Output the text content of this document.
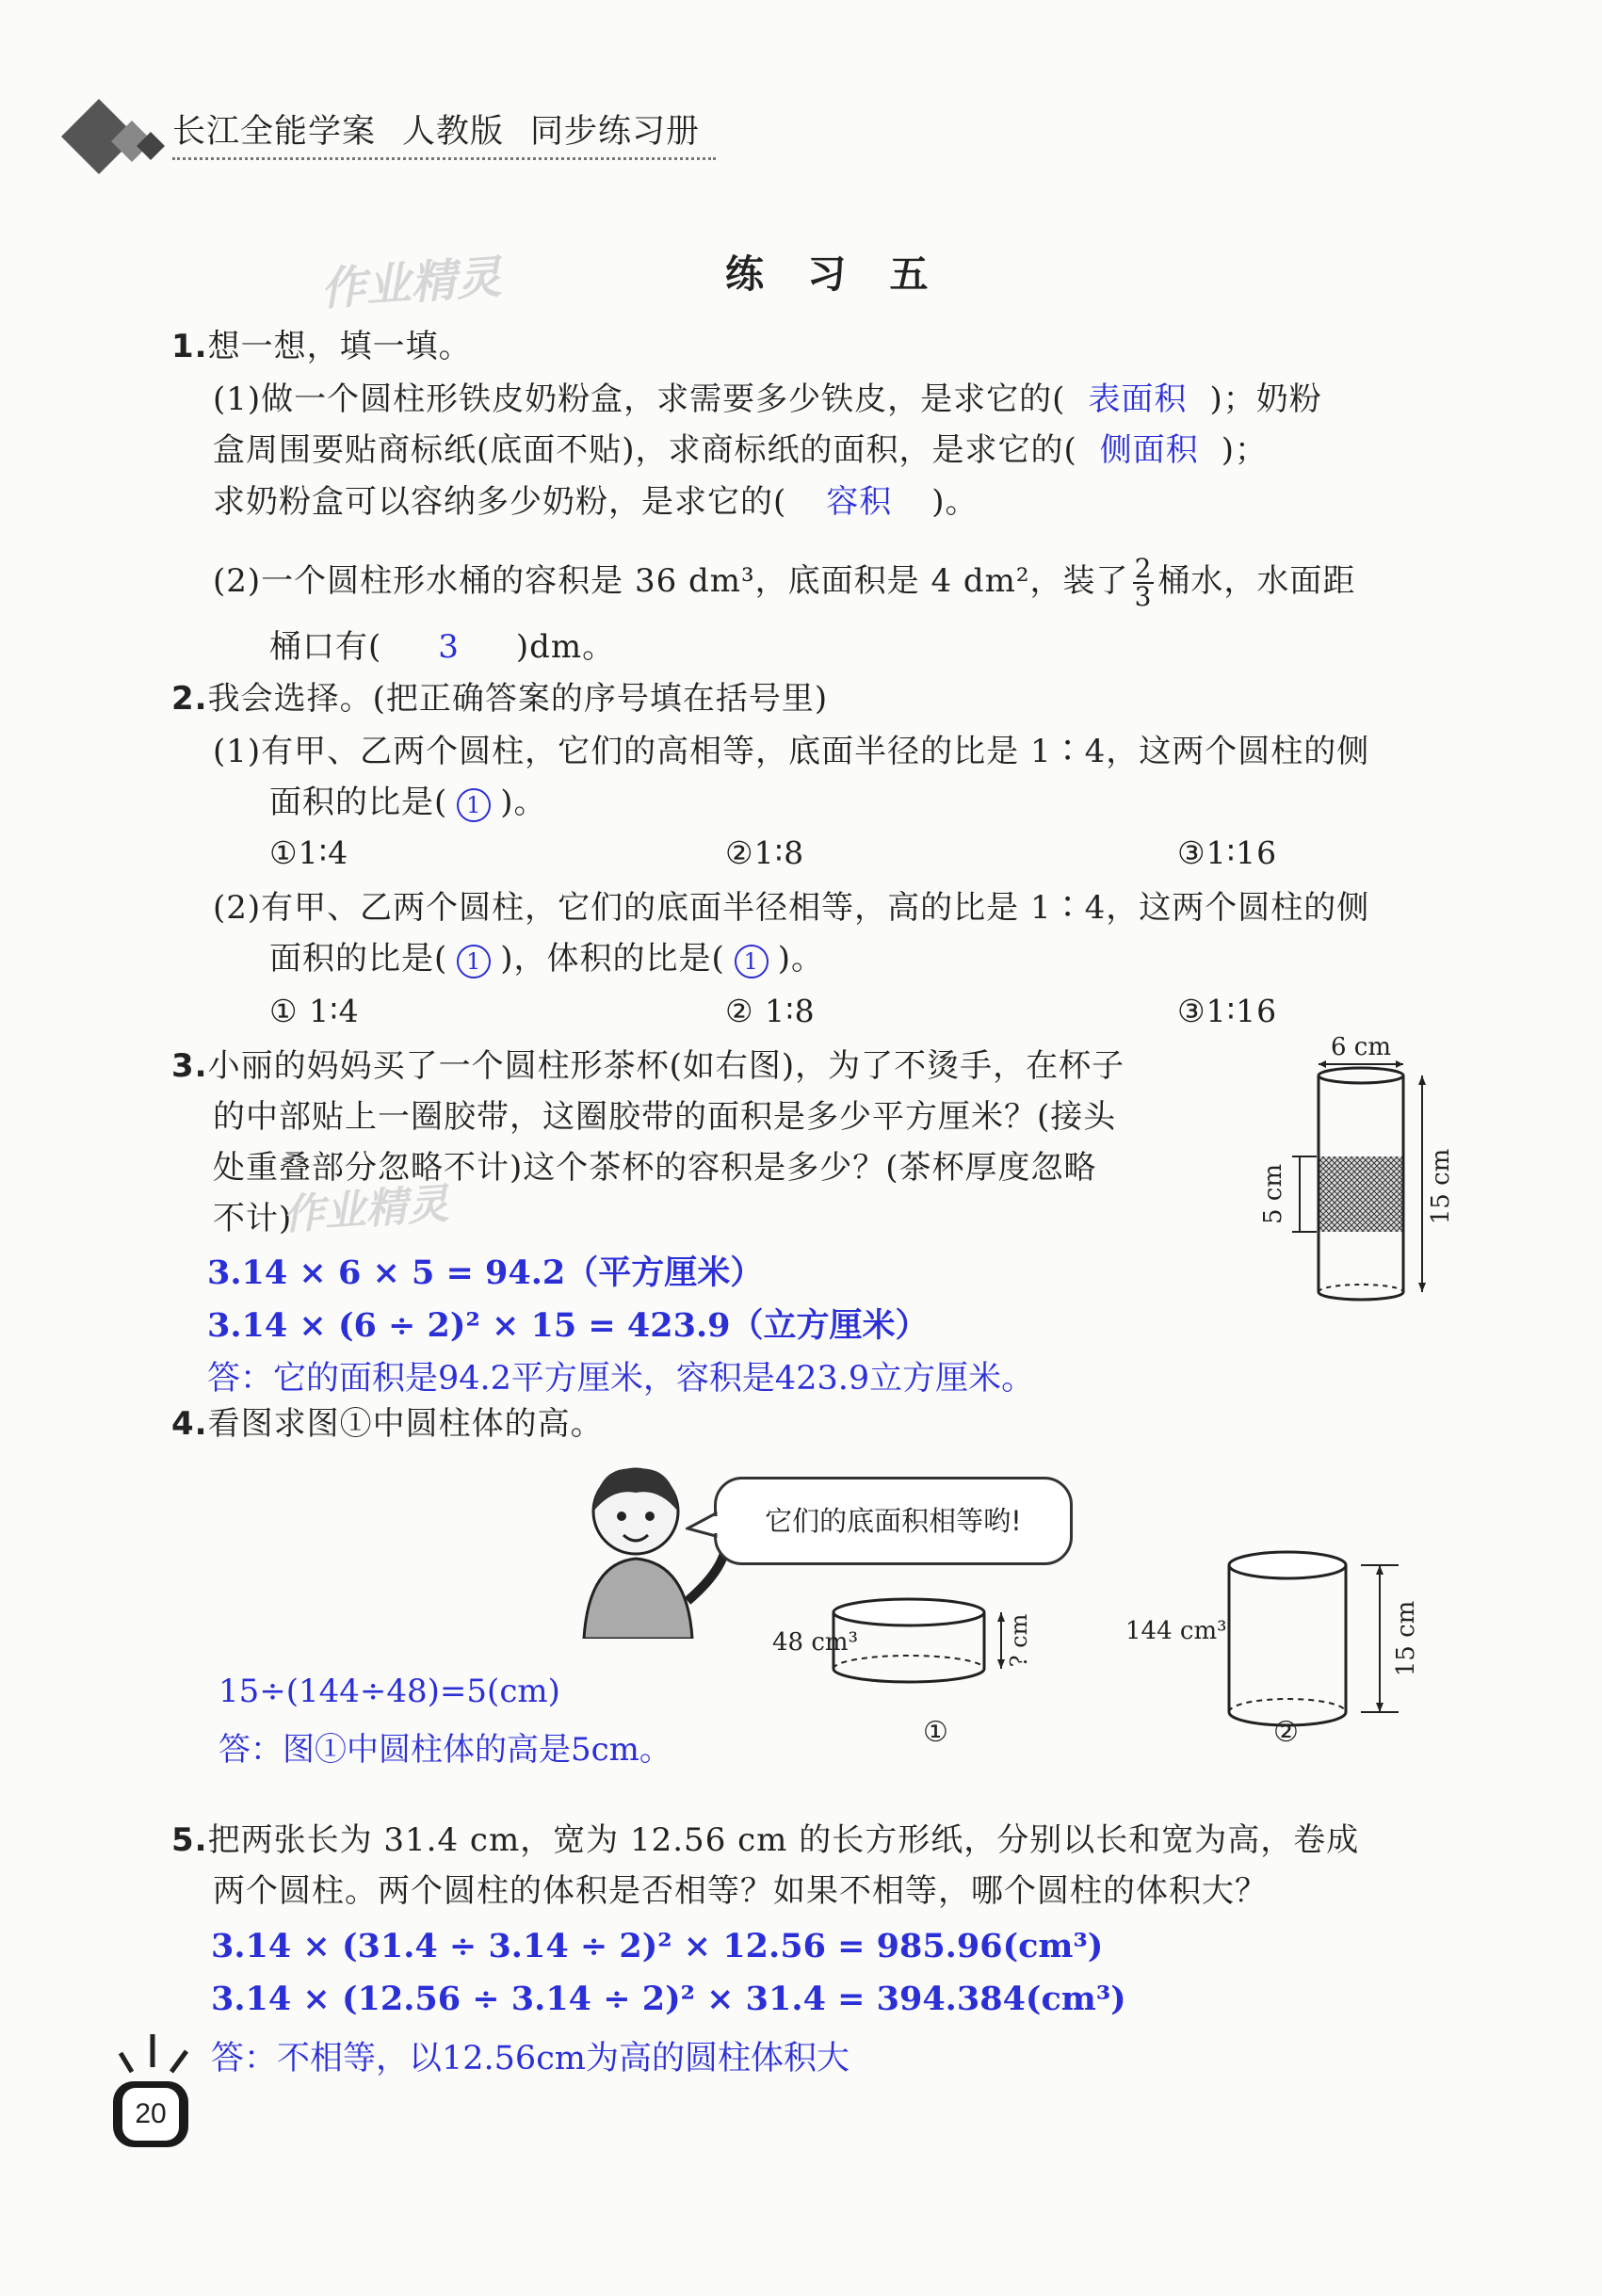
长江全能学案 人教版 同步练习册
练 习 五
作业精灵
1.想一想，填一填。
(1)做一个圆柱形铁皮奶粉盒，求需要多少铁皮，是求它的( 表面积 )；奶粉
盒周围要贴商标纸(底面不贴)，求商标纸的面积，是求它的( 侧面积 )；
求奶粉盒可以容纳多少奶粉，是求它的( 容积 )。
(2)一个圆柱形水桶的容积是 36 dm³，底面积是 4 dm²，装了 $\frac{2}{3}$ 桶水，水面距
桶口有( 3 )dm。
2.我会选择。(把正确答案的序号填在括号里)
(1)有甲、乙两个圆柱，它们的高相等，底面半径的比是 1∶4，这两个圆柱的侧
面积的比是( 1 )。
①1∶4	②1∶8	③1∶16
(2)有甲、乙两个圆柱，它们的底面半径相等，高的比是 1∶4，这两个圆柱的侧
面积的比是( 1 )，体积的比是( 1 )。
① 1∶4	② 1∶8	③1∶16
3.小丽的妈妈买了一个圆柱形茶杯(如右图)，为了不烫手，在杯子
的中部贴上一圈胶带，这圈胶带的面积是多少平方厘米？(接头
处重叠部分忽略不计)这个茶杯的容积是多少？(茶杯厚度忽略
不计)
作业精灵
3.14 × 6 × 5 = 94.2（平方厘米）
3.14 × (6 ÷ 2)² × 15 = 423.9（立方厘米）
答：它的面积是94.2平方厘米，容积是423.9立方厘米。
6 cm
5 cm	15 cm
4.看图求图①中圆柱体的高。
它们的底面积相等哟!
48 cm³	? cm
①
144 cm³	15 cm
②
15÷(144÷48)=5(cm)
答：图①中圆柱体的高是5cm。
5.把两张长为 31.4 cm，宽为 12.56 cm 的长方形纸，分别以长和宽为高，卷成
两个圆柱。两个圆柱的体积是否相等？如果不相等，哪个圆柱的体积大？
3.14 × (31.4 ÷ 3.14 ÷ 2)² × 12.56 = 985.96(cm³)
3.14 × (12.56 ÷ 3.14 ÷ 2)² × 31.4 = 394.384(cm³)
答：不相等，以12.56cm为高的圆柱体积大
20
